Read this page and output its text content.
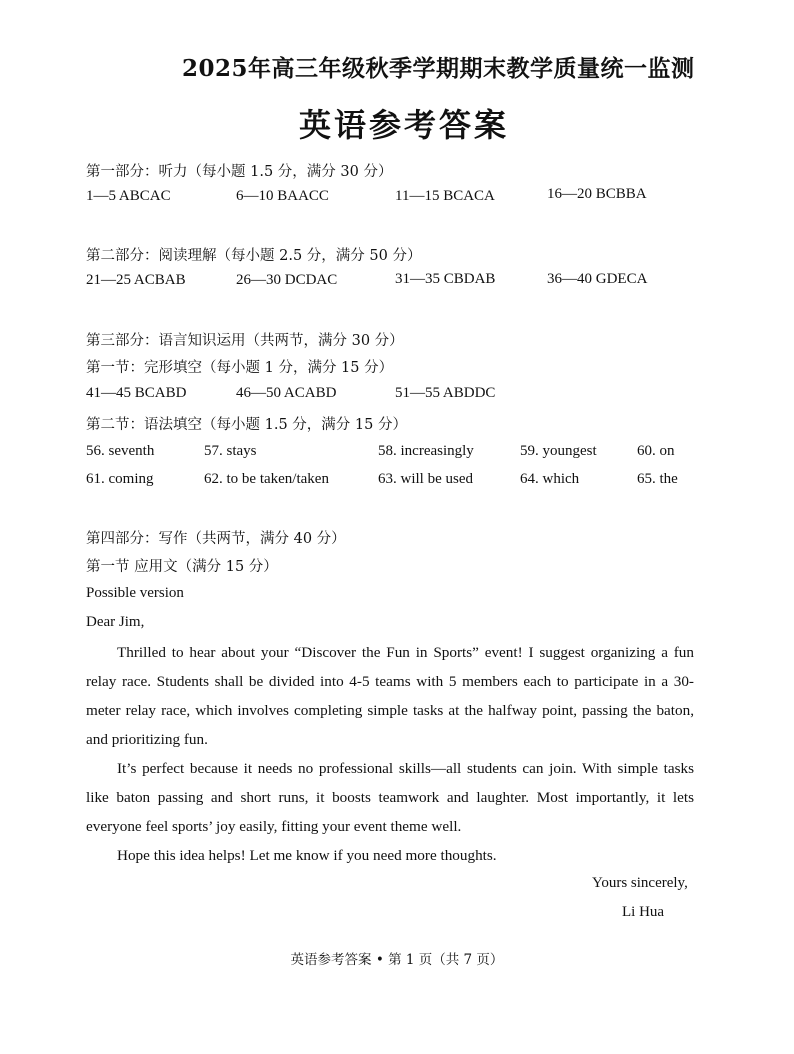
2025年高三年级秋季学期期末教学质量统一监测
英语参考答案
第一部分：听力（每小题 1.5 分，满分 30 分）
1—5 ABCAC	6—10 BAACC	11—15 BCACA	16—20 BCBBA
第二部分：阅读理解（每小题 2.5 分，满分 50 分）
21—25 ACBAB	26—30 DCDAC	31—35 CBDAB	36—40 GDECA
第三部分：语言知识运用（共两节，满分 30 分）
第一节：完形填空（每小题 1 分，满分 15 分）
41—45 BCABD	46—50 ACABD	51—55 ABDDC
第二节：语法填空（每小题 1.5 分，满分 15 分）
56. seventh	57. stays	58. increasingly	59. youngest	60. on
61. coming	62. to be taken/taken	63. will be used	64. which	65. the
第四部分：写作（共两节，满分 40 分）
第一节 应用文（满分 15 分）
Possible version
Dear Jim,

Thrilled to hear about your “Discover the Fun in Sports” event! I suggest organizing a fun relay race. Students shall be divided into 4-5 teams with 5 members each to participate in a 30-meter relay race, which involves completing simple tasks at the halfway point, passing the baton, and prioritizing fun.

It’s perfect because it needs no professional skills—all students can join. With simple tasks like baton passing and short runs, it boosts teamwork and laughter. Most importantly, it lets everyone feel sports’ joy easily, fitting your event theme well.

Hope this idea helps! Let me know if you need more thoughts.

Yours sincerely,
Li Hua
英语参考答案 • 第 1 页（共 7 页）
